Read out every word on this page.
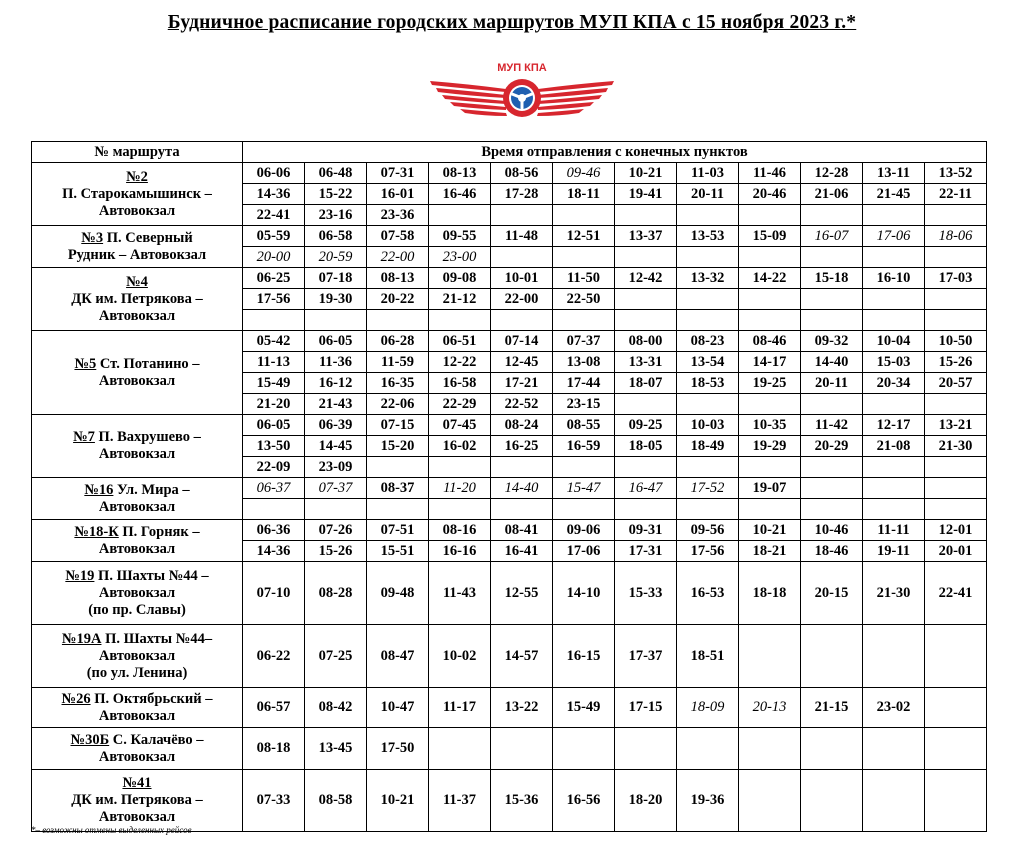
Будничное расписание городских маршрутов МУП КПА с 15 ноября 2023 г.*
МУП КПА
№ маршрута	Время отправления с конечных пунктов											
№2
П. Старокамышинск –
Автовокзал	06-06	06-48	07-31	08-13	08-56	09-46	10-21	11-03	11-46	12-28	13-11	13-52
	14-36	15-22	16-01	16-46	17-28	18-11	19-41	20-11	20-46	21-06	21-45	22-11
	22-41	23-16	23-36									
№3 П. Северный
Рудник – Автовокзал	05-59	06-58	07-58	09-55	11-48	12-51	13-37	13-53	15-09	16-07	17-06	18-06
	20-00	20-59	22-00	23-00								
№4
ДК им. Петрякова –
Автовокзал	06-25	07-18	08-13	09-08	10-01	11-50	12-42	13-32	14-22	15-18	16-10	17-03
	17-56	19-30	20-22	21-12	22-00	22-50						

№5 Ст. Потанино –
Автовокзал	05-42	06-05	06-28	06-51	07-14	07-37	08-00	08-23	08-46	09-32	10-04	10-50
	11-13	11-36	11-59	12-22	12-45	13-08	13-31	13-54	14-17	14-40	15-03	15-26
	15-49	16-12	16-35	16-58	17-21	17-44	18-07	18-53	19-25	20-11	20-34	20-57
	21-20	21-43	22-06	22-29	22-52	23-15						
№7 П. Вахрушево –
Автовокзал	06-05	06-39	07-15	07-45	08-24	08-55	09-25	10-03	10-35	11-42	12-17	13-21
	13-50	14-45	15-20	16-02	16-25	16-59	18-05	18-49	19-29	20-29	21-08	21-30
	22-09	23-09										
№16 Ул. Мира –
Автовокзал	06-37	07-37	08-37	11-20	14-40	15-47	16-47	17-52	19-07			

№18-К П. Горняк –
Автовокзал	06-36	07-26	07-51	08-16	08-41	09-06	09-31	09-56	10-21	10-46	11-11	12-01
	14-36	15-26	15-51	16-16	16-41	17-06	17-31	17-56	18-21	18-46	19-11	20-01
№19 П. Шахты №44 –
Автовокзал
(по пр. Славы)	07-10	08-28	09-48	11-43	12-55	14-10	15-33	16-53	18-18	20-15	21-30	22-41
№19А П. Шахты №44–
Автовокзал
(по ул. Ленина)	06-22	07-25	08-47	10-02	14-57	16-15	17-37	18-51				
№26 П. Октябрьский –
Автовокзал	06-57	08-42	10-47	11-17	13-22	15-49	17-15	18-09	20-13	21-15	23-02	
№30Б С. Калачёво –
Автовокзал	08-18	13-45	17-50									
№41
ДК им. Петрякова –
Автовокзал	07-33	08-58	10-21	11-37	15-36	16-56	18-20	19-36				
*– возможны отмены выделенных рейсов
